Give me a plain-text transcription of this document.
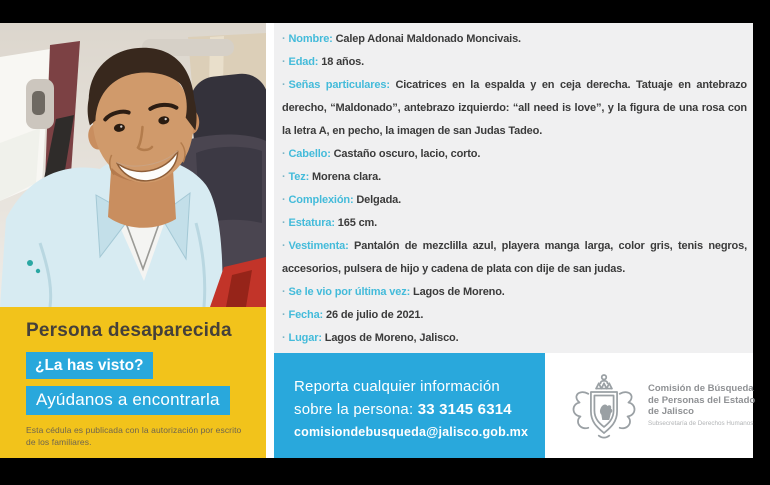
Persona desaparecida
¿La has visto?
Ayúdanos a encontrarla
Esta cédula es publicada con la autorización por escrito de los familiares.

· Nombre: Calep Adonai Maldonado Moncivais.

· Edad: 18 años.

· Señas particulares: Cicatrices en la espalda y en ceja derecha. Tatuaje en antebrazo derecho, “Maldonado”, antebrazo izquierdo: “all need is love”, y la figura de una rosa con la letra A, en pecho, la imagen de san Judas Tadeo.

· Cabello: Castaño oscuro, lacio, corto.

· Tez: Morena clara.

· Complexión: Delgada.

· Estatura: 165 cm.

· Vestimenta: Pantalón de mezclilla azul, playera manga larga, color gris, tenis negros, accesorios, pulsera de hijo y cadena de plata con dije de san judas.

· Se le vio por última vez: Lagos de Moreno.

· Fecha: 26 de julio de 2021.

· Lugar: Lagos de Moreno, Jalisco.

Reporta cualquier información
sobre la persona: 33 3145 6314
comisiondebusqueda@jalisco.gob.mx
Comisión de Búsqueda
de Personas del Estado
de Jalisco
Subsecretaría de Derechos Humanos
